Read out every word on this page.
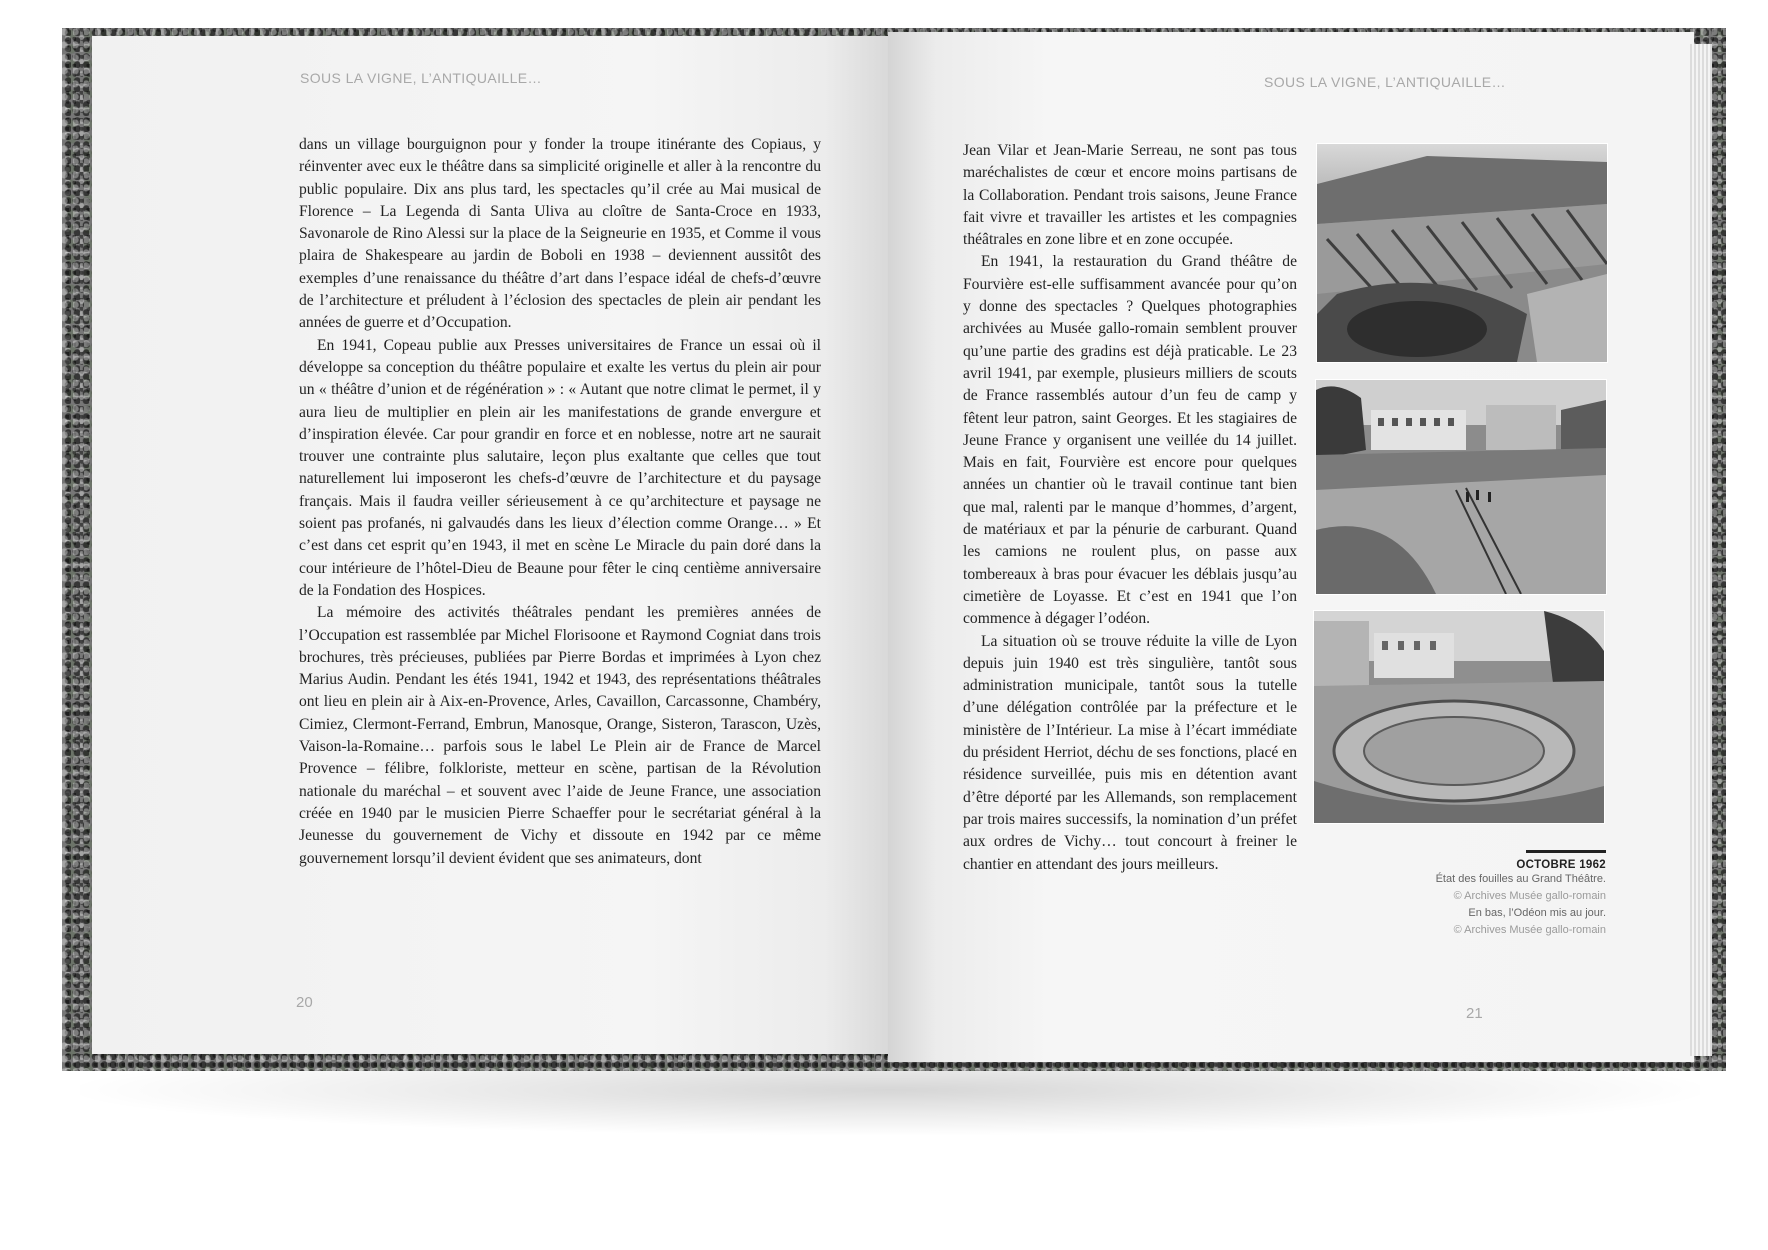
SOUS LA VIGNE, L’ANTIQUAILLE…

dans un village bourguignon pour y fonder la troupe itinérante des Copiaus, y réinventer avec eux le théâtre dans sa simplicité originelle et aller à la rencontre du public populaire. Dix ans plus tard, les spectacles qu’il crée au Mai musical de Florence – La Legenda di Santa Uliva au cloître de Santa-Croce en 1933, Savonarole de Rino Alessi sur la place de la Seigneurie en 1935, et Comme il vous plaira de Shakespeare au jardin de Boboli en 1938 – deviennent aussitôt des exemples d’une renaissance du théâtre d’art dans l’espace idéal de chefs-d’œuvre de l’architecture et préludent à l’éclosion des spectacles de plein air pendant les années de guerre et d’Occupation.

En 1941, Copeau publie aux Presses universitaires de France un essai où il développe sa conception du théâtre populaire et exalte les vertus du plein air pour un « théâtre d’union et de régénération » : « Autant que notre climat le permet, il y aura lieu de multiplier en plein air les manifestations de grande envergure et d’inspiration élevée. Car pour grandir en force et en noblesse, notre art ne saurait trouver une contrainte plus salutaire, leçon plus exaltante que celles que tout naturellement lui imposeront les chefs-d’œuvre de l’architecture et du paysage français. Mais il faudra veiller sérieusement à ce qu’architecture et paysage ne soient pas profanés, ni galvaudés dans les lieux d’élection comme Orange… » Et c’est dans cet esprit qu’en 1943, il met en scène Le Miracle du pain doré dans la cour intérieure de l’hôtel-Dieu de Beaune pour fêter le cinq centième anniversaire de la Fondation des Hospices.

La mémoire des activités théâtrales pendant les premières années de l’Occupation est rassemblée par Michel Florisoone et Raymond Cogniat dans trois brochures, très précieuses, publiées par Pierre Bordas et imprimées à Lyon chez Marius Audin. Pendant les étés 1941, 1942 et 1943, des représentations théâtrales ont lieu en plein air à Aix-en-Provence, Arles, Cavaillon, Carcassonne, Chambéry, Cimiez, Clermont-Ferrand, Embrun, Manosque, Orange, Sisteron, Tarascon, Uzès, Vaison-la-Romaine… parfois sous le label Le Plein air de France de Marcel Provence – félibre, folkloriste, metteur en scène, partisan de la Révolution nationale du maréchal – et souvent avec l’aide de Jeune France, une association créée en 1940 par le musicien Pierre Schaeffer pour le secrétariat général à la Jeunesse du gouvernement de Vichy et dissoute en 1942 par ce même gouvernement lorsqu’il devient évident que ses animateurs, dont

20
SOUS LA VIGNE, L’ANTIQUAILLE…

Jean Vilar et Jean-Marie Serreau, ne sont pas tous maréchalistes de cœur et encore moins partisans de la Collaboration. Pendant trois saisons, Jeune France fait vivre et travailler les artistes et les compagnies théâtrales en zone libre et en zone occupée.

En 1941, la restauration du Grand théâtre de Fourvière est-elle suffisamment avancée pour qu’on y donne des spectacles ? Quelques photographies archivées au Musée gallo-romain semblent prouver qu’une partie des gradins est déjà praticable. Le 23 avril 1941, par exemple, plusieurs milliers de scouts de France rassemblés autour d’un feu de camp y fêtent leur patron, saint Georges. Et les stagiaires de Jeune France y organisent une veillée du 14 juillet. Mais en fait, Fourvière est encore pour quelques années un chantier où le travail continue tant bien que mal, ralenti par le manque d’hommes, d’argent, de matériaux et par la pénurie de carburant. Quand les camions ne roulent plus, on passe aux tombereaux à bras pour évacuer les déblais jusqu’au cimetière de Loyasse. Et c’est en 1941 que l’on commence à dégager l’odéon.

La situation où se trouve réduite la ville de Lyon depuis juin 1940 est très singulière, tantôt sous administration municipale, tantôt sous la tutelle d’une délégation contrôlée par la préfecture et le ministère de l’Intérieur. La mise à l’écart immédiate du président Herriot, déchu de ses fonctions, placé en résidence surveillée, puis mis en détention avant d’être déporté par les Allemands, son remplacement par trois maires successifs, la nomination d’un préfet aux ordres de Vichy… tout concourt à freiner le chantier en attendant des jours meilleurs.	OCTOBRE 1962
État des fouilles au Grand Théâtre.
© Archives Musée gallo-romain
En bas, l’Odéon mis au jour.
© Archives Musée gallo-romain
21
